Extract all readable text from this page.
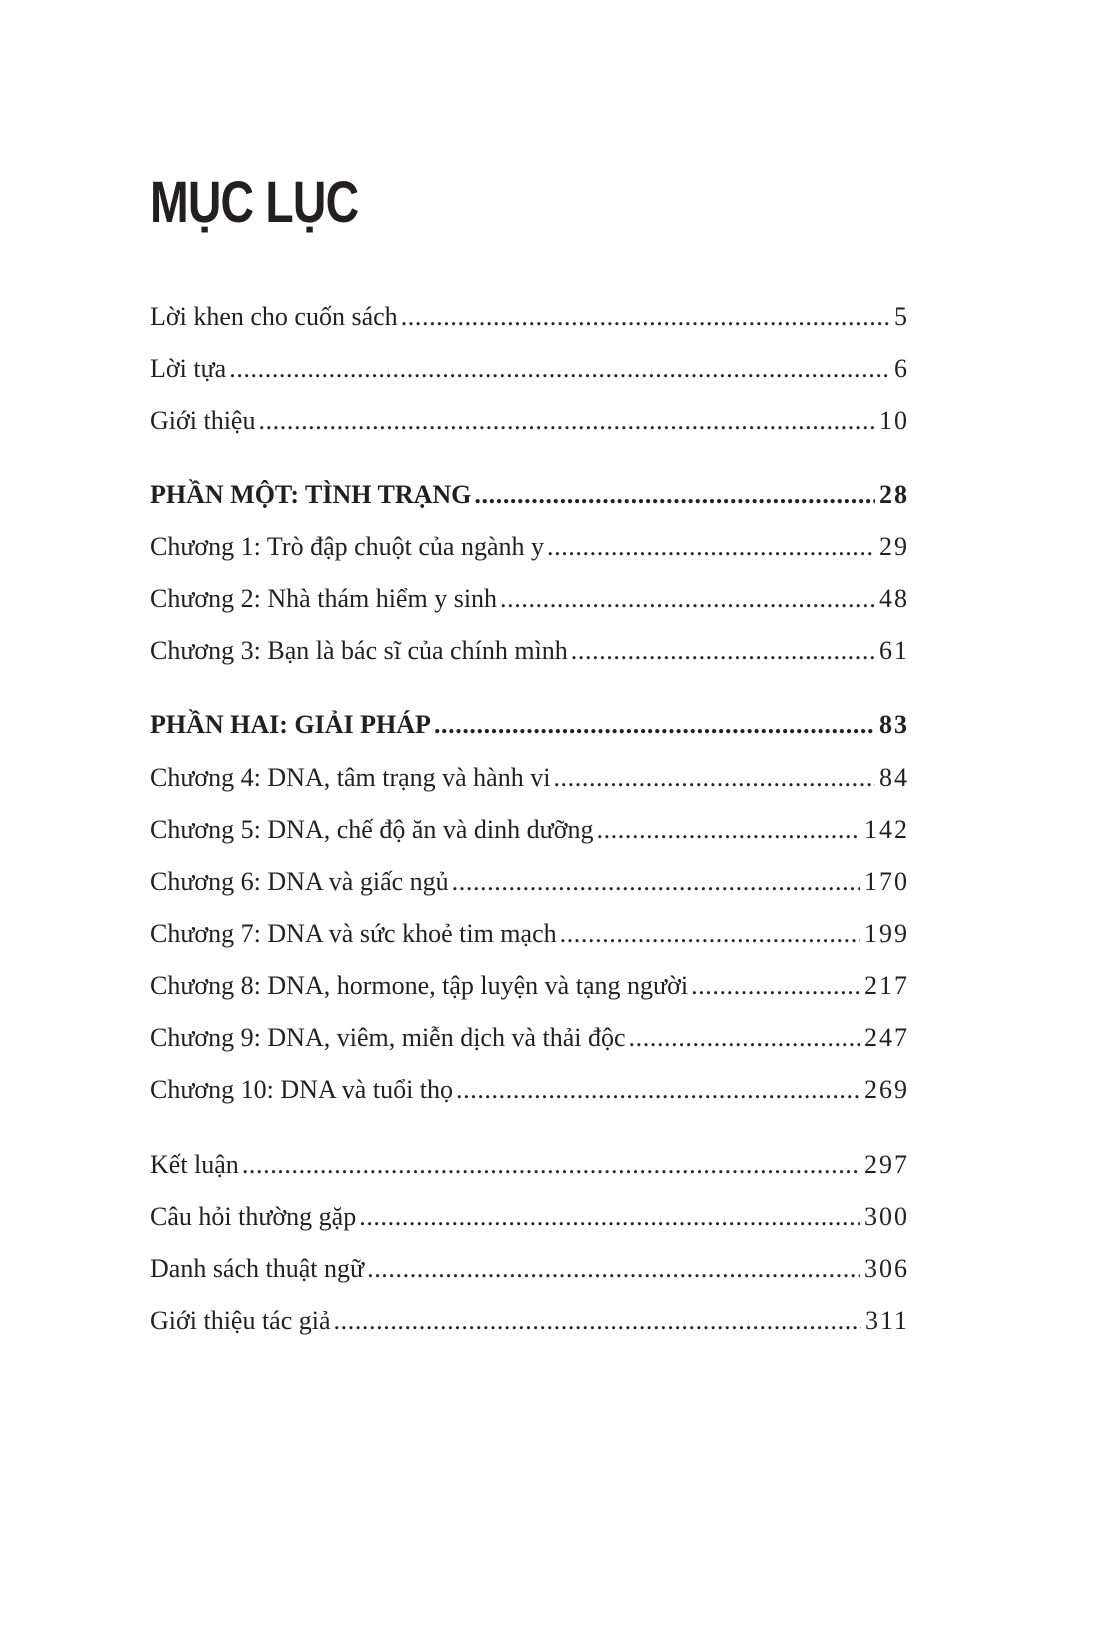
MỤC LỤC
Lời khen cho cuốn sách .....	5
Lời tựa .....	6
Giới thiệu .....	10
PHẦN MỘT: TÌNH TRẠNG .....	28
Chương 1: Trò đập chuột của ngành y .....	29
Chương 2: Nhà thám hiểm y sinh .....	48
Chương 3: Bạn là bác sĩ của chính mình .....	61
PHẦN HAI: GIẢI PHÁP .....	83
Chương 4: DNA, tâm trạng và hành vi .....	84
Chương 5: DNA, chế độ ăn và dinh dưỡng .....	142
Chương 6: DNA và giấc ngủ .....	170
Chương 7: DNA và sức khoẻ tim mạch .....	199
Chương 8: DNA, hormone, tập luyện và tạng người .....	217
Chương 9: DNA, viêm, miễn dịch và thải độc .....	247
Chương 10: DNA và tuổi thọ .....	269
Kết luận .....	297
Câu hỏi thường gặp .....	300
Danh sách thuật ngữ .....	306
Giới thiệu tác giả .....	311
